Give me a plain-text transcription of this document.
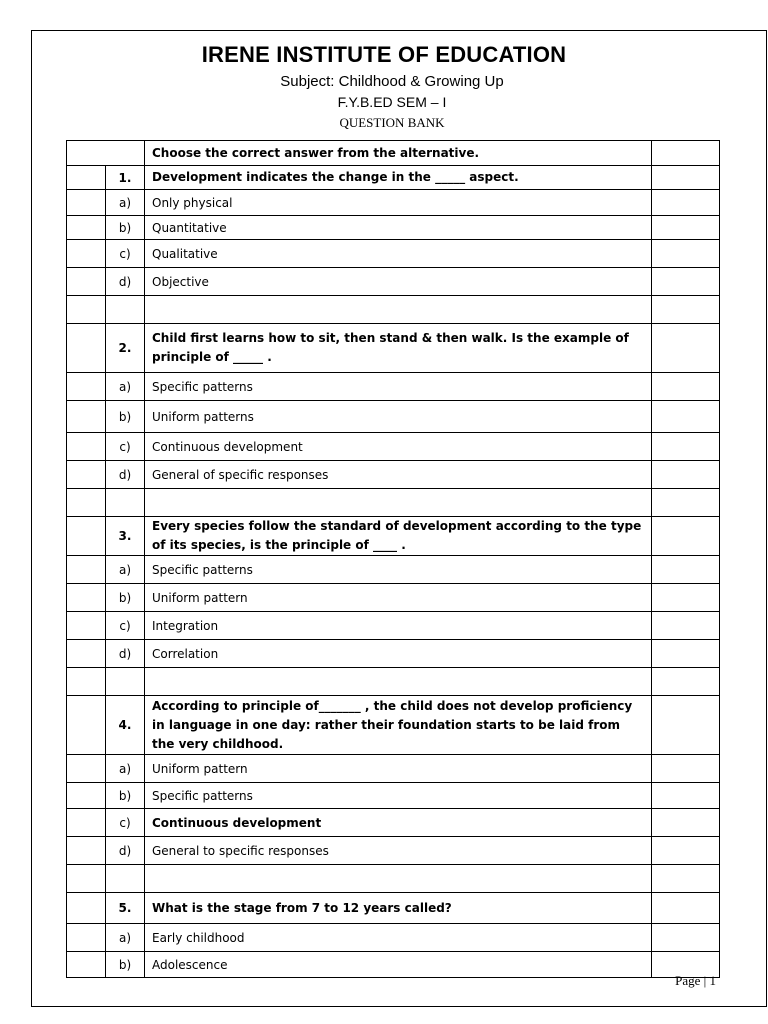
IRENE INSTITUTE OF EDUCATION
Subject: Childhood & Growing Up
F.Y.B.ED SEM – I
QUESTION BANK
		Choose the correct answer from the alternative.	
	1.	Development indicates the change in the _____ aspect.	
	a)	Only physical	
	b)	Quantitative	
	c)	Qualitative	
	d)	Objective	

	2.	Child first learns how to sit, then stand & then walk. Is the example of principle of _____ .	
	a)	Specific patterns	
	b)	Uniform patterns	
	c)	Continuous development	
	d)	General of specific responses	

	3.	Every species follow the standard of development according to the type of its species, is the principle of ____ .	
	a)	Specific patterns	
	b)	Uniform pattern	
	c)	Integration	
	d)	Correlation	

	4.	According to principle of_______ , the child does not develop proficiency in language in one day: rather their foundation starts to be laid from the very childhood.	
	a)	Uniform pattern	
	b)	Specific patterns	
	c)	Continuous development	
	d)	General to specific responses	

	5.	What is the stage from 7 to 12 years called?	
	a)	Early childhood	
	b)	Adolescence	
Page | 1
